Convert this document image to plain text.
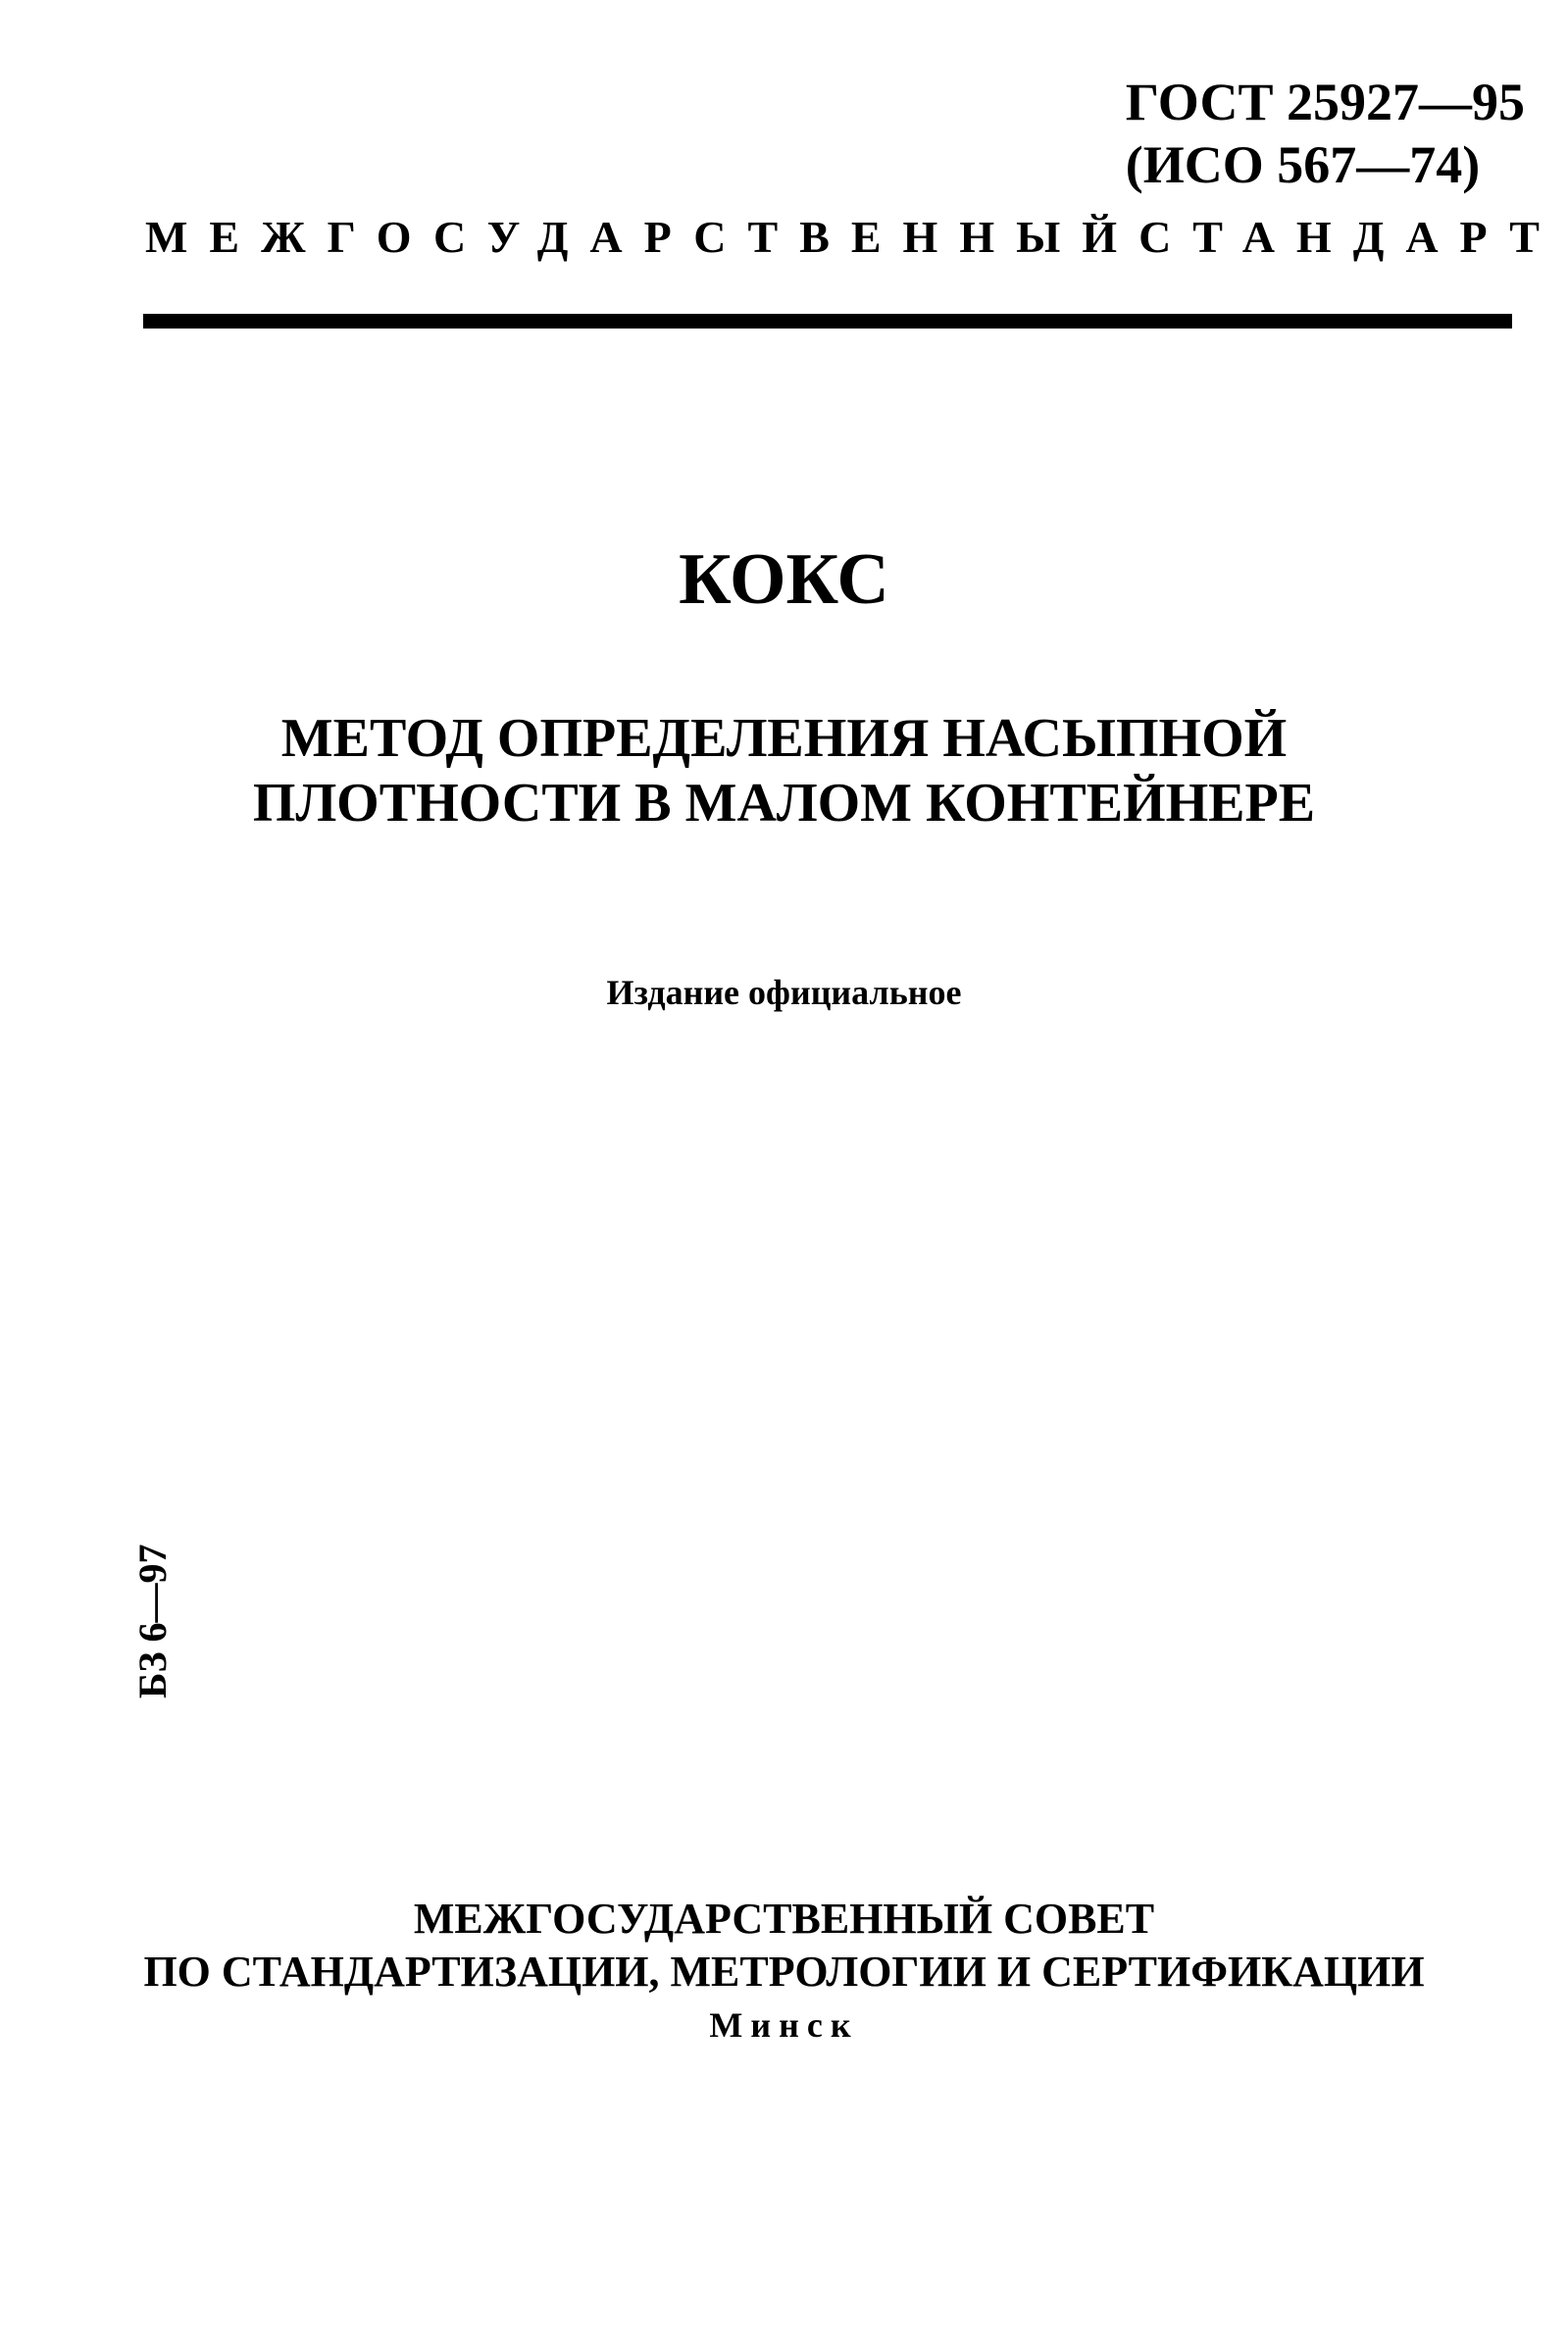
ГОСТ 25927—95
(ИСО 567—74)
МЕЖГОСУДАРСТВЕННЫЙ СТАНДАРТ
КОКС
МЕТОД ОПРЕДЕЛЕНИЯ НАСЫПНОЙ
ПЛОТНОСТИ В МАЛОМ КОНТЕЙНЕРЕ
Издание официальное
БЗ 6—97
МЕЖГОСУДАРСТВЕННЫЙ СОВЕТ
ПО СТАНДАРТИЗАЦИИ, МЕТРОЛОГИИ И СЕРТИФИКАЦИИ
Минск
